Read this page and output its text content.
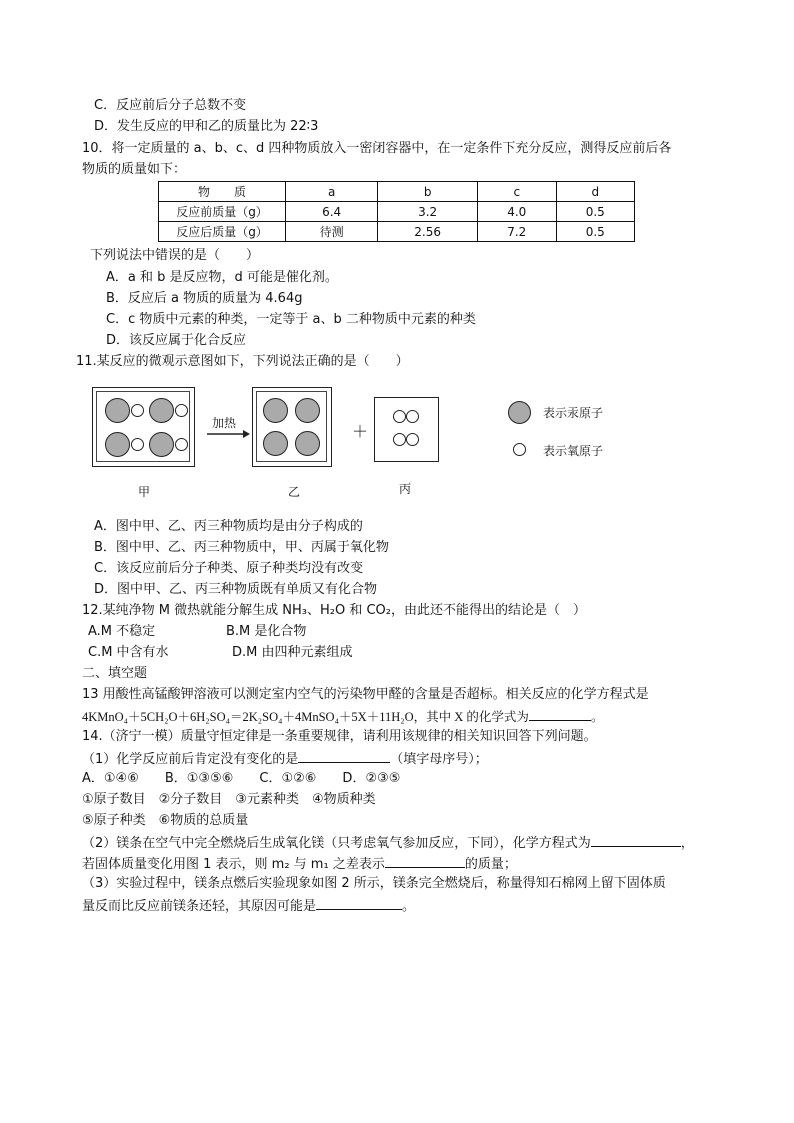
C．反应前后分子总数不变
D．发生反应的甲和乙的质量比为 22∶3
10．将一定质量的 a、b、c、d 四种物质放入一密闭容器中，在一定条件下充分反应，测得反应前后各
物质的质量如下：
物　　质	a	b	c	d
反应前质量（g）	6.4	3.2	4.0	0.5
反应后质量（g）	待测	2.56	7.2	0.5
下列说法中错误的是（　　）
A．a 和 b 是反应物，d 可能是催化剂。
B．反应后 a 物质的质量为 4.64g
C．c 物质中元素的种类，一定等于 a、b 二种物质中元素的种类
D．该反应属于化合反应
11.某反应的微观示意图如下，下列说法正确的是（　　）
加热	＋
表示汞原子
表示氧原子
甲	乙	丙
A．图中甲、乙、丙三种物质均是由分子构成的
B．图中甲、乙、丙三种物质中，甲、丙属于氧化物
C．该反应前后分子种类、原子种类均没有改变
D．图中甲、乙、丙三种物质既有单质又有化合物
12.某纯净物 M 微热就能分解生成 NH₃、H₂O 和 CO₂，由此还不能得出的结论是（　）
A.M 不稳定	B.M 是化合物
C.M 中含有水	D.M 由四种元素组成
二、填空题
13 用酸性高锰酸钾溶液可以测定室内空气的污染物甲醛的含量是否超标。相关反应的化学方程式是
4KMnO₄＋5CH₂O＋6H₂SO₄＝2K₂SO₄＋4MnSO₄＋5X＋11H₂O，其中 X 的化学式为	。
14.（济宁一模）质量守恒定律是一条重要规律，请利用该规律的相关知识回答下列问题。
（1）化学反应前后肯定没有变化的是	（填字母序号）；
A．①④⑥　　B．①③⑤⑥　　C．①②⑥　　D．②③⑤
①原子数目　②分子数目　③元素种类　④物质种类
⑤原子种类　⑥物质的总质量
（2）镁条在空气中完全燃烧后生成氧化镁（只考虑氧气参加反应，下同），化学方程式为	，
若固体质量变化用图 1 表示，则 m₂ 与 m₁ 之差表示	的质量；
（3）实验过程中，镁条点燃后实验现象如图 2 所示，镁条完全燃烧后，称量得知石棉网上留下固体质
量反而比反应前镁条还轻，其原因可能是	。
